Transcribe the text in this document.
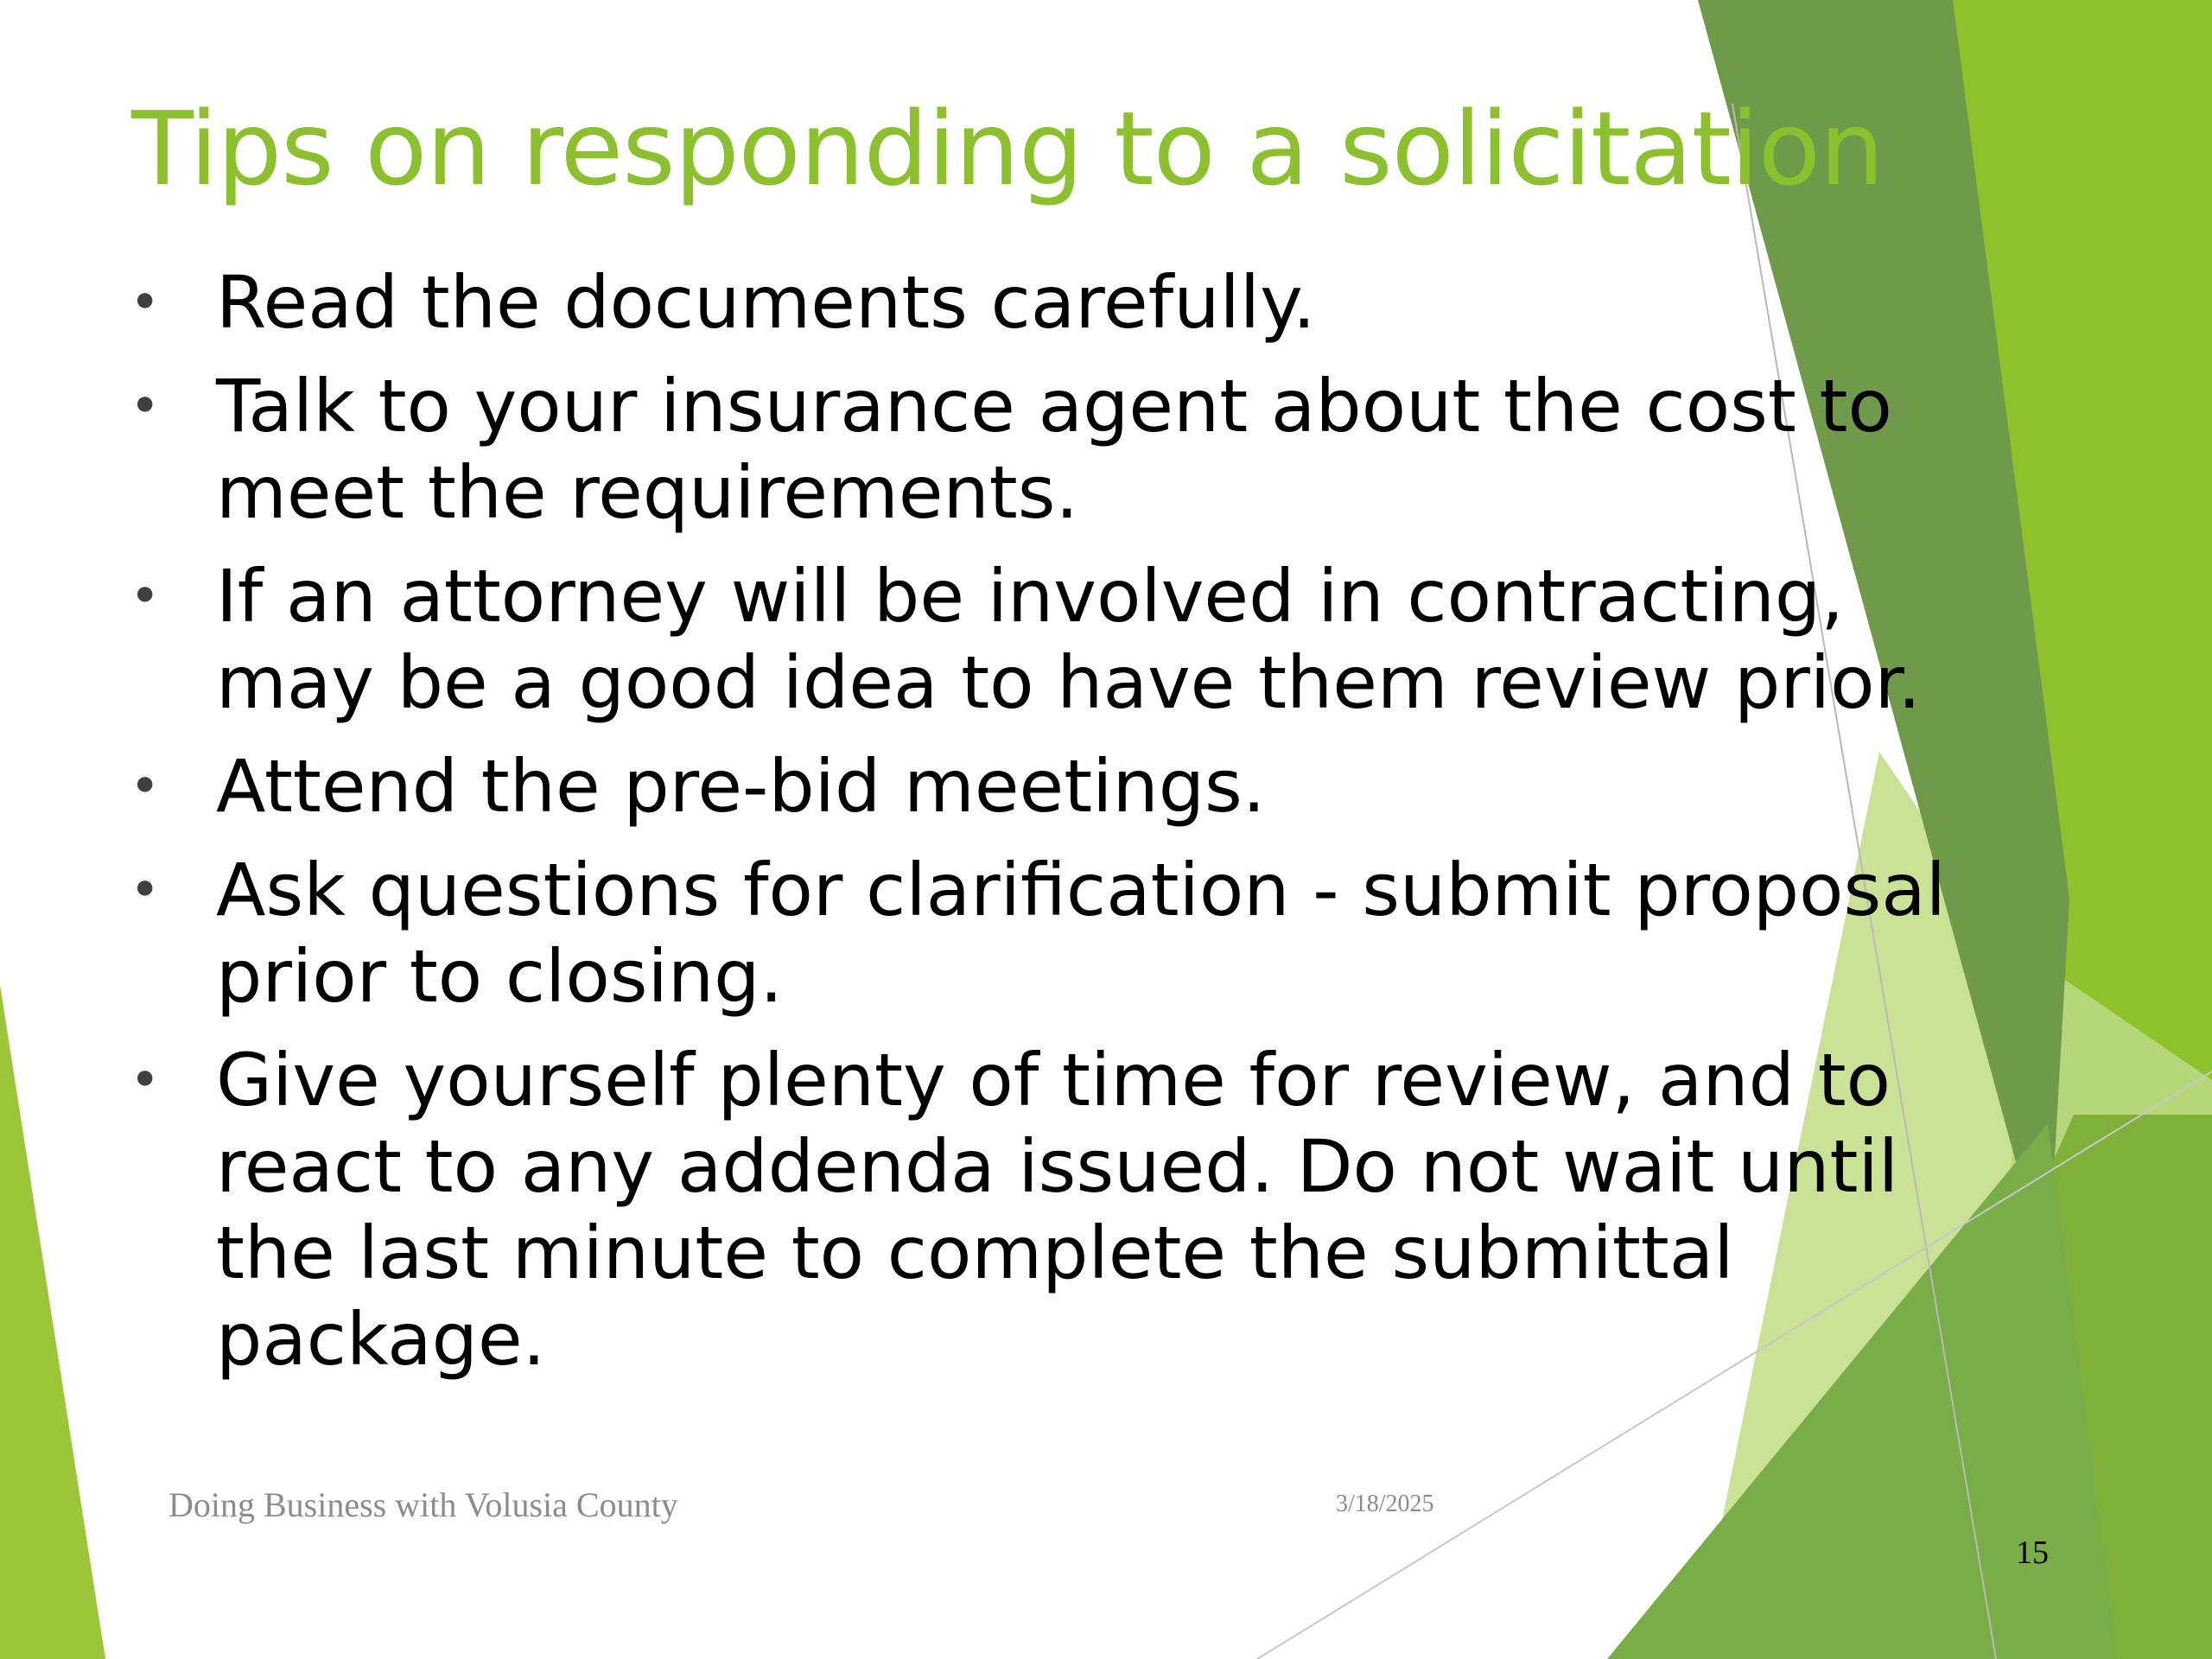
Tips on responding to a solicitation
• Read the documents carefully.
• Talk to your insurance agent about the cost to meet the requirements.
• If an attorney will be involved in contracting, may be a good idea to have them review prior.
• Attend the pre-bid meetings.
• Ask questions for clarification - submit proposal prior to closing.
• Give yourself plenty of time for review, and to react to any addenda issued. Do not wait until the last minute to complete the submittal package.
Doing Business with Volusia County	3/18/2025
15
